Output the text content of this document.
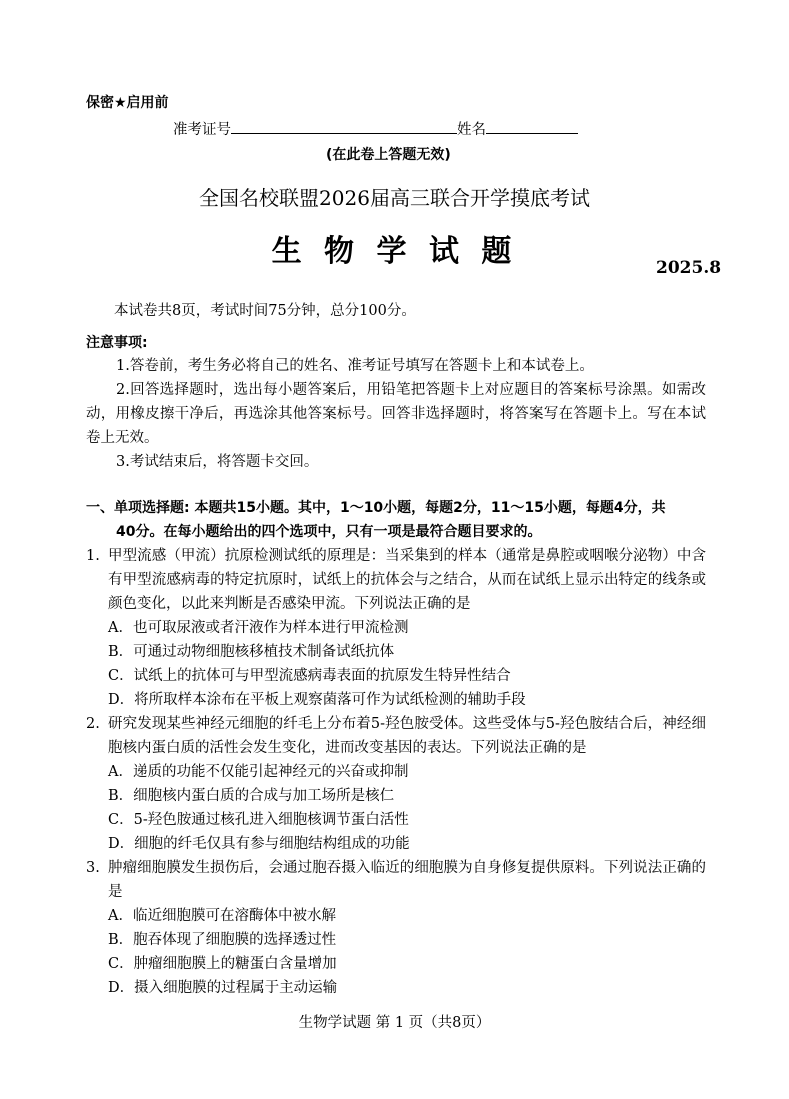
保密★启用前
准考证号	姓名
(在此卷上答题无效)
全国名校联盟2026届高三联合开学摸底考试
生 物 学 试 题	2025.8
本试卷共8页，考试时间75分钟，总分100分。
注意事项:

1.答卷前，考生务必将自己的姓名、准考证号填写在答题卡上和本试卷上。

2.回答选择题时，选出每小题答案后，用铅笔把答题卡上对应题目的答案标号涂黑。如需改动，用橡皮擦干净后，再选涂其他答案标号。回答非选择题时，将答案写在答题卡上。写在本试卷上无效。

3.考试结束后，将答题卡交回。

一、单项选择题: 本题共15小题。其中，1～10小题，每题2分，11～15小题，每题4分，共
40分。在每小题给出的四个选项中，只有一项是最符合题目要求的。
1. 甲型流感（甲流）抗原检测试纸的原理是：当采集到的样本（通常是鼻腔或咽喉分泌物）中含有甲型流感病毒的特定抗原时，试纸上的抗体会与之结合，从而在试纸上显示出特定的线条或颜色变化，以此来判断是否感染甲流。下列说法正确的是

A．也可取尿液或者汗液作为样本进行甲流检测

B．可通过动物细胞核移植技术制备试纸抗体

C．试纸上的抗体可与甲型流感病毒表面的抗原发生特异性结合

D．将所取样本涂布在平板上观察菌落可作为试纸检测的辅助手段

2. 研究发现某些神经元细胞的纤毛上分布着5-羟色胺受体。这些受体与5-羟色胺结合后，神经细胞核内蛋白质的活性会发生变化，进而改变基因的表达。下列说法正确的是

A．递质的功能不仅能引起神经元的兴奋或抑制

B．细胞核内蛋白质的合成与加工场所是核仁

C．5-羟色胺通过核孔进入细胞核调节蛋白活性

D．细胞的纤毛仅具有参与细胞结构组成的功能

3. 肿瘤细胞膜发生损伤后，会通过胞吞摄入临近的细胞膜为自身修复提供原料。下列说法正确的是

A．临近细胞膜可在溶酶体中被水解

B．胞吞体现了细胞膜的选择透过性

C．肿瘤细胞膜上的糖蛋白含量增加

D．摄入细胞膜的过程属于主动运输

生物学试题 第 1 页（共8页）
